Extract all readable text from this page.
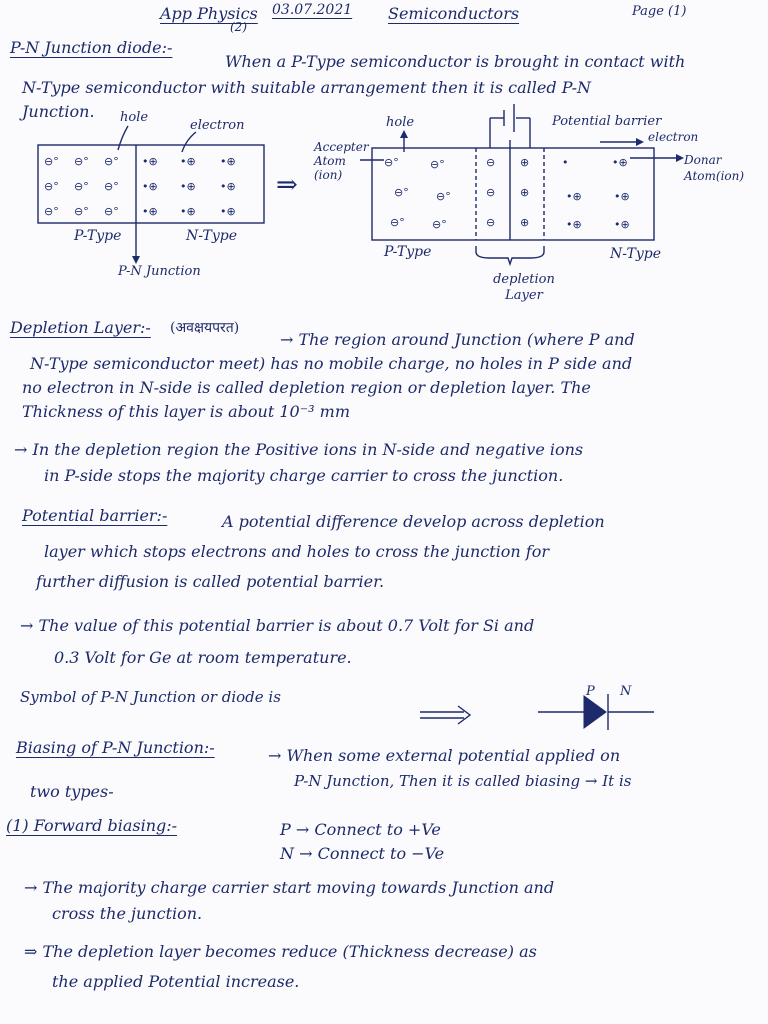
App Physics
(2)
03.07.2021 Semiconductors	Page (1)
P-N Junction diode:-
When a P-Type semiconductor is brought in contact with
N-Type semiconductor with suitable arrangement then it is called P-N
Junction.
⊖° ⊖° ⊖°
⊖° ⊖° ⊖°
⊖° ⊖° ⊖°
•⊕ •⊕ •⊕
•⊕ •⊕ •⊕
•⊕ •⊕ •⊕
⊖°	⊖°
⊖° ⊖°
⊖° ⊖°
⊖ ⊕
⊖ ⊕
⊖ ⊕
•	•⊕
•⊕	•⊕
•⊕	•⊕
hole
electron
P-Type	N-Type
P-N Junction
⇒
hole	Potential barrier
electron
Accepter Atom (ion)
Donar Atom(ion)
P-Type	N-Type
depletion Layer
Depletion Layer:- (अवक्षयपरत)
→ The region around Junction (where P and
N-Type semiconductor meet) has no mobile charge, no holes in P side and
no electron in N-side is called depletion region or depletion layer. The
Thickness of this layer is about 10⁻³ mm
→ In the depletion region the Positive ions in N-side and negative ions
in P-side stops the majority charge carrier to cross the junction.
Potential barrier:-	A potential difference develop across depletion
layer which stops electrons and holes to cross the junction for
further diffusion is called potential barrier.
→ The value of this potential barrier is about 0.7 Volt for Si and
0.3 Volt for Ge at room temperature.
Symbol of P-N Junction or diode is	P N
Biasing of P-N Junction:-	→ When some external potential applied on
P-N Junction, Then it is called biasing → It is
two types-
(1) Forward biasing:-	P → Connect to +Ve
N → Connect to −Ve
→ The majority charge carrier start moving towards Junction and
cross the junction.
⇒ The depletion layer becomes reduce (Thickness decrease) as
the applied Potential increase.
